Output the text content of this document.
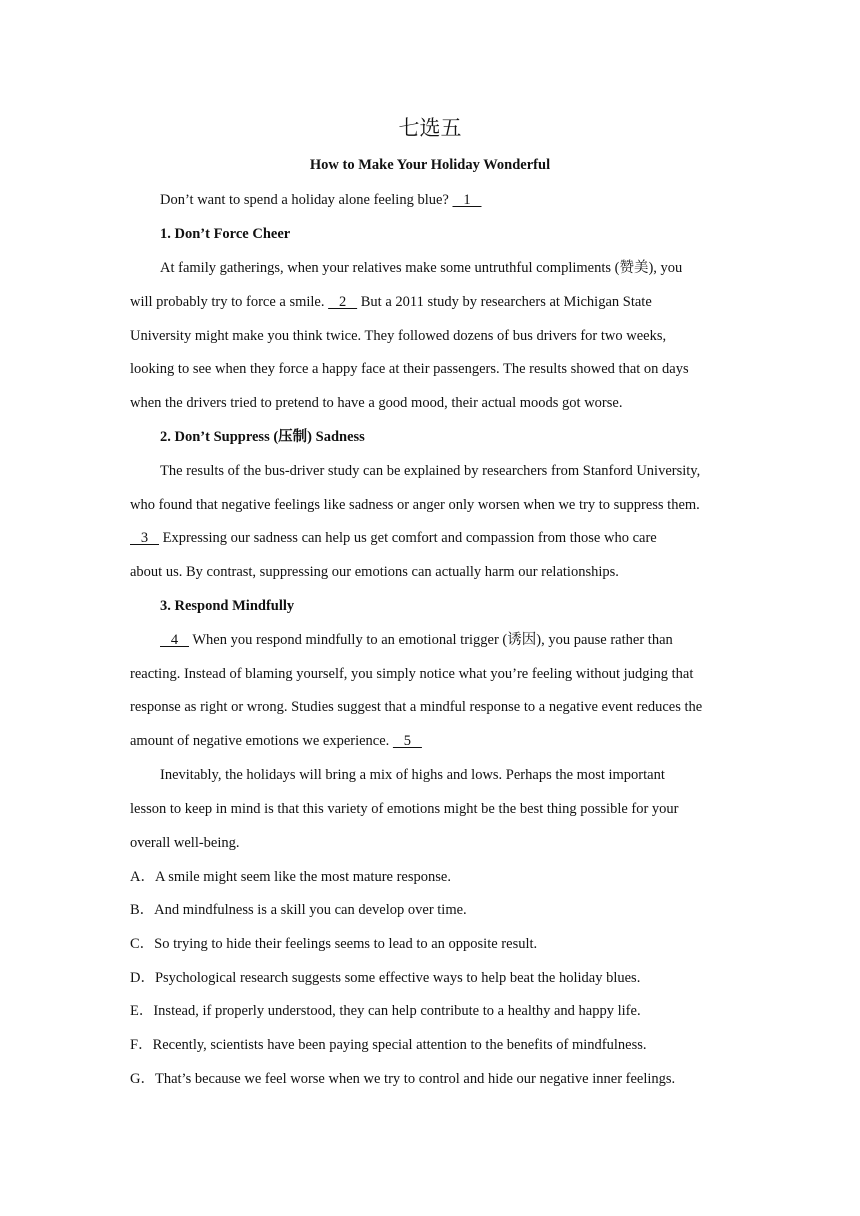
七选五
How to Make Your Holiday Wonderful
Don’t want to spend a holiday alone feeling blue?    1
1. Don’t Force Cheer
At family gatherings, when your relatives make some untruthful compliments (赞美), you
will probably try to force a smile.    2    But a 2011 study by researchers at Michigan State
University might make you think twice. They followed dozens of bus drivers for two weeks,
looking to see when they force a happy face at their passengers. The results showed that on days
when the drivers tried to pretend to have a good mood, their actual moods got worse.
2. Don’t Suppress (压制) Sadness
The results of the bus-driver study can be explained by researchers from Stanford University,
who found that negative feelings like sadness or anger only worsen when we try to suppress them.
3    Expressing our sadness can help us get comfort and compassion from those who care
about us. By contrast, suppressing our emotions can actually harm our relationships.
3. Respond Mindfully
4    When you respond mindfully to an emotional trigger (诱因), you pause rather than
reacting. Instead of blaming yourself, you simply notice what you’re feeling without judging that
response as right or wrong. Studies suggest that a mindful response to a negative event reduces the
amount of negative emotions we experience.    5
Inevitably, the holidays will bring a mix of highs and lows. Perhaps the most important
lesson to keep in mind is that this variety of emotions might be the best thing possible for your
overall well-being.
A．A smile might seem like the most mature response.
B．And mindfulness is a skill you can develop over time.
C．So trying to hide their feelings seems to lead to an opposite result.
D．Psychological research suggests some effective ways to help beat the holiday blues.
E．Instead, if properly understood, they can help contribute to a healthy and happy life.
F．Recently, scientists have been paying special attention to the benefits of mindfulness.
G．That’s because we feel worse when we try to control and hide our negative inner feelings.
